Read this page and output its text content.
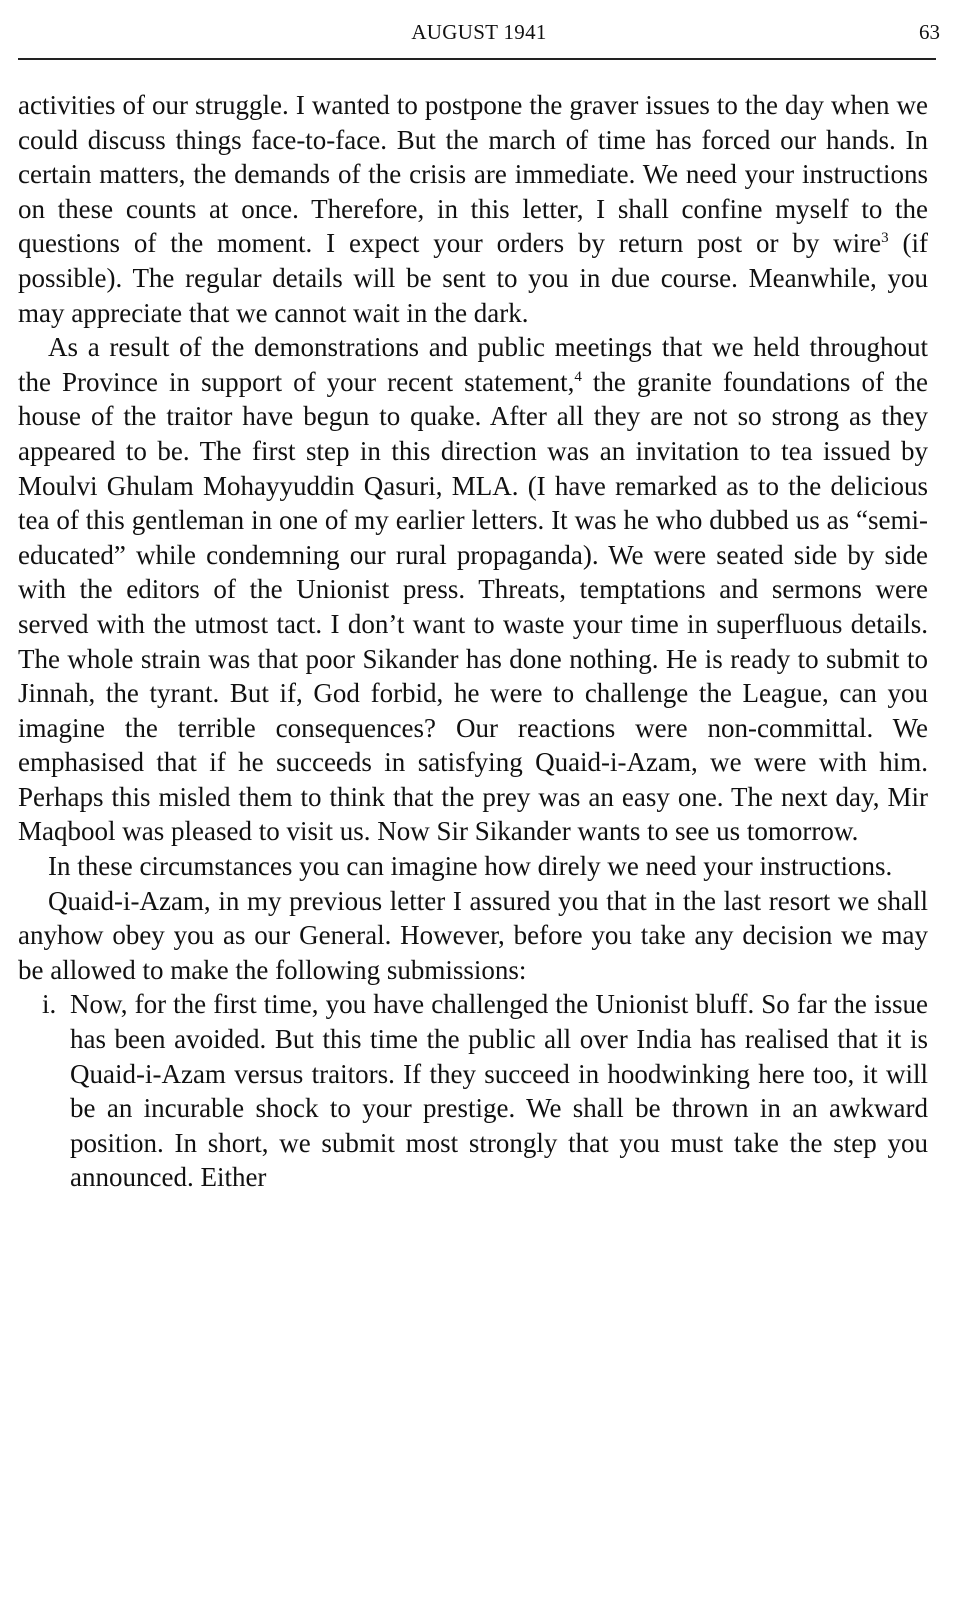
AUGUST 1941	63

activities of our struggle. I wanted to postpone the graver issues to the day when we could discuss things face-to-face. But the march of time has forced our hands. In certain matters, the demands of the crisis are immediate. We need your instructions on these counts at once. Therefore, in this letter, I shall confine myself to the questions of the moment. I expect your orders by return post or by wire$^3$ (if possible). The regular details will be sent to you in due course. Meanwhile, you may appreciate that we cannot wait in the dark.

As a result of the demonstrations and public meetings that we held throughout the Province in support of your recent statement,$^4$ the granite foundations of the house of the traitor have begun to quake. After all they are not so strong as they appeared to be. The first step in this direction was an invitation to tea issued by Moulvi Ghulam Mohayyuddin Qasuri, MLA. (I have remarked as to the delicious tea of this gentleman in one of my earlier letters. It was he who dubbed us as “semi-educated” while condemning our rural propaganda). We were seated side by side with the editors of the Unionist press. Threats, temptations and sermons were served with the utmost tact. I don’t want to waste your time in superfluous details. The whole strain was that poor Sikander has done nothing. He is ready to submit to Jinnah, the tyrant. But if, God forbid, he were to challenge the League, can you imagine the terrible consequences? Our reactions were non-committal. We emphasised that if he succeeds in satisfying Quaid-i-Azam, we were with him. Perhaps this misled them to think that the prey was an easy one. The next day, Mir Maqbool was pleased to visit us. Now Sir Sikander wants to see us tomorrow.

In these circumstances you can imagine how direly we need your instructions.

Quaid-i-Azam, in my previous letter I assured you that in the last resort we shall anyhow obey you as our General. However, before you take any decision we may be allowed to make the following submissions:

i. Now, for the first time, you have challenged the Unionist bluff. So far the issue has been avoided. But this time the public all over India has realised that it is Quaid-i-Azam versus traitors. If they succeed in hoodwinking here too, it will be an incurable shock to your prestige. We shall be thrown in an awkward position. In short, we submit most strongly that you must take the step you announced. Either
